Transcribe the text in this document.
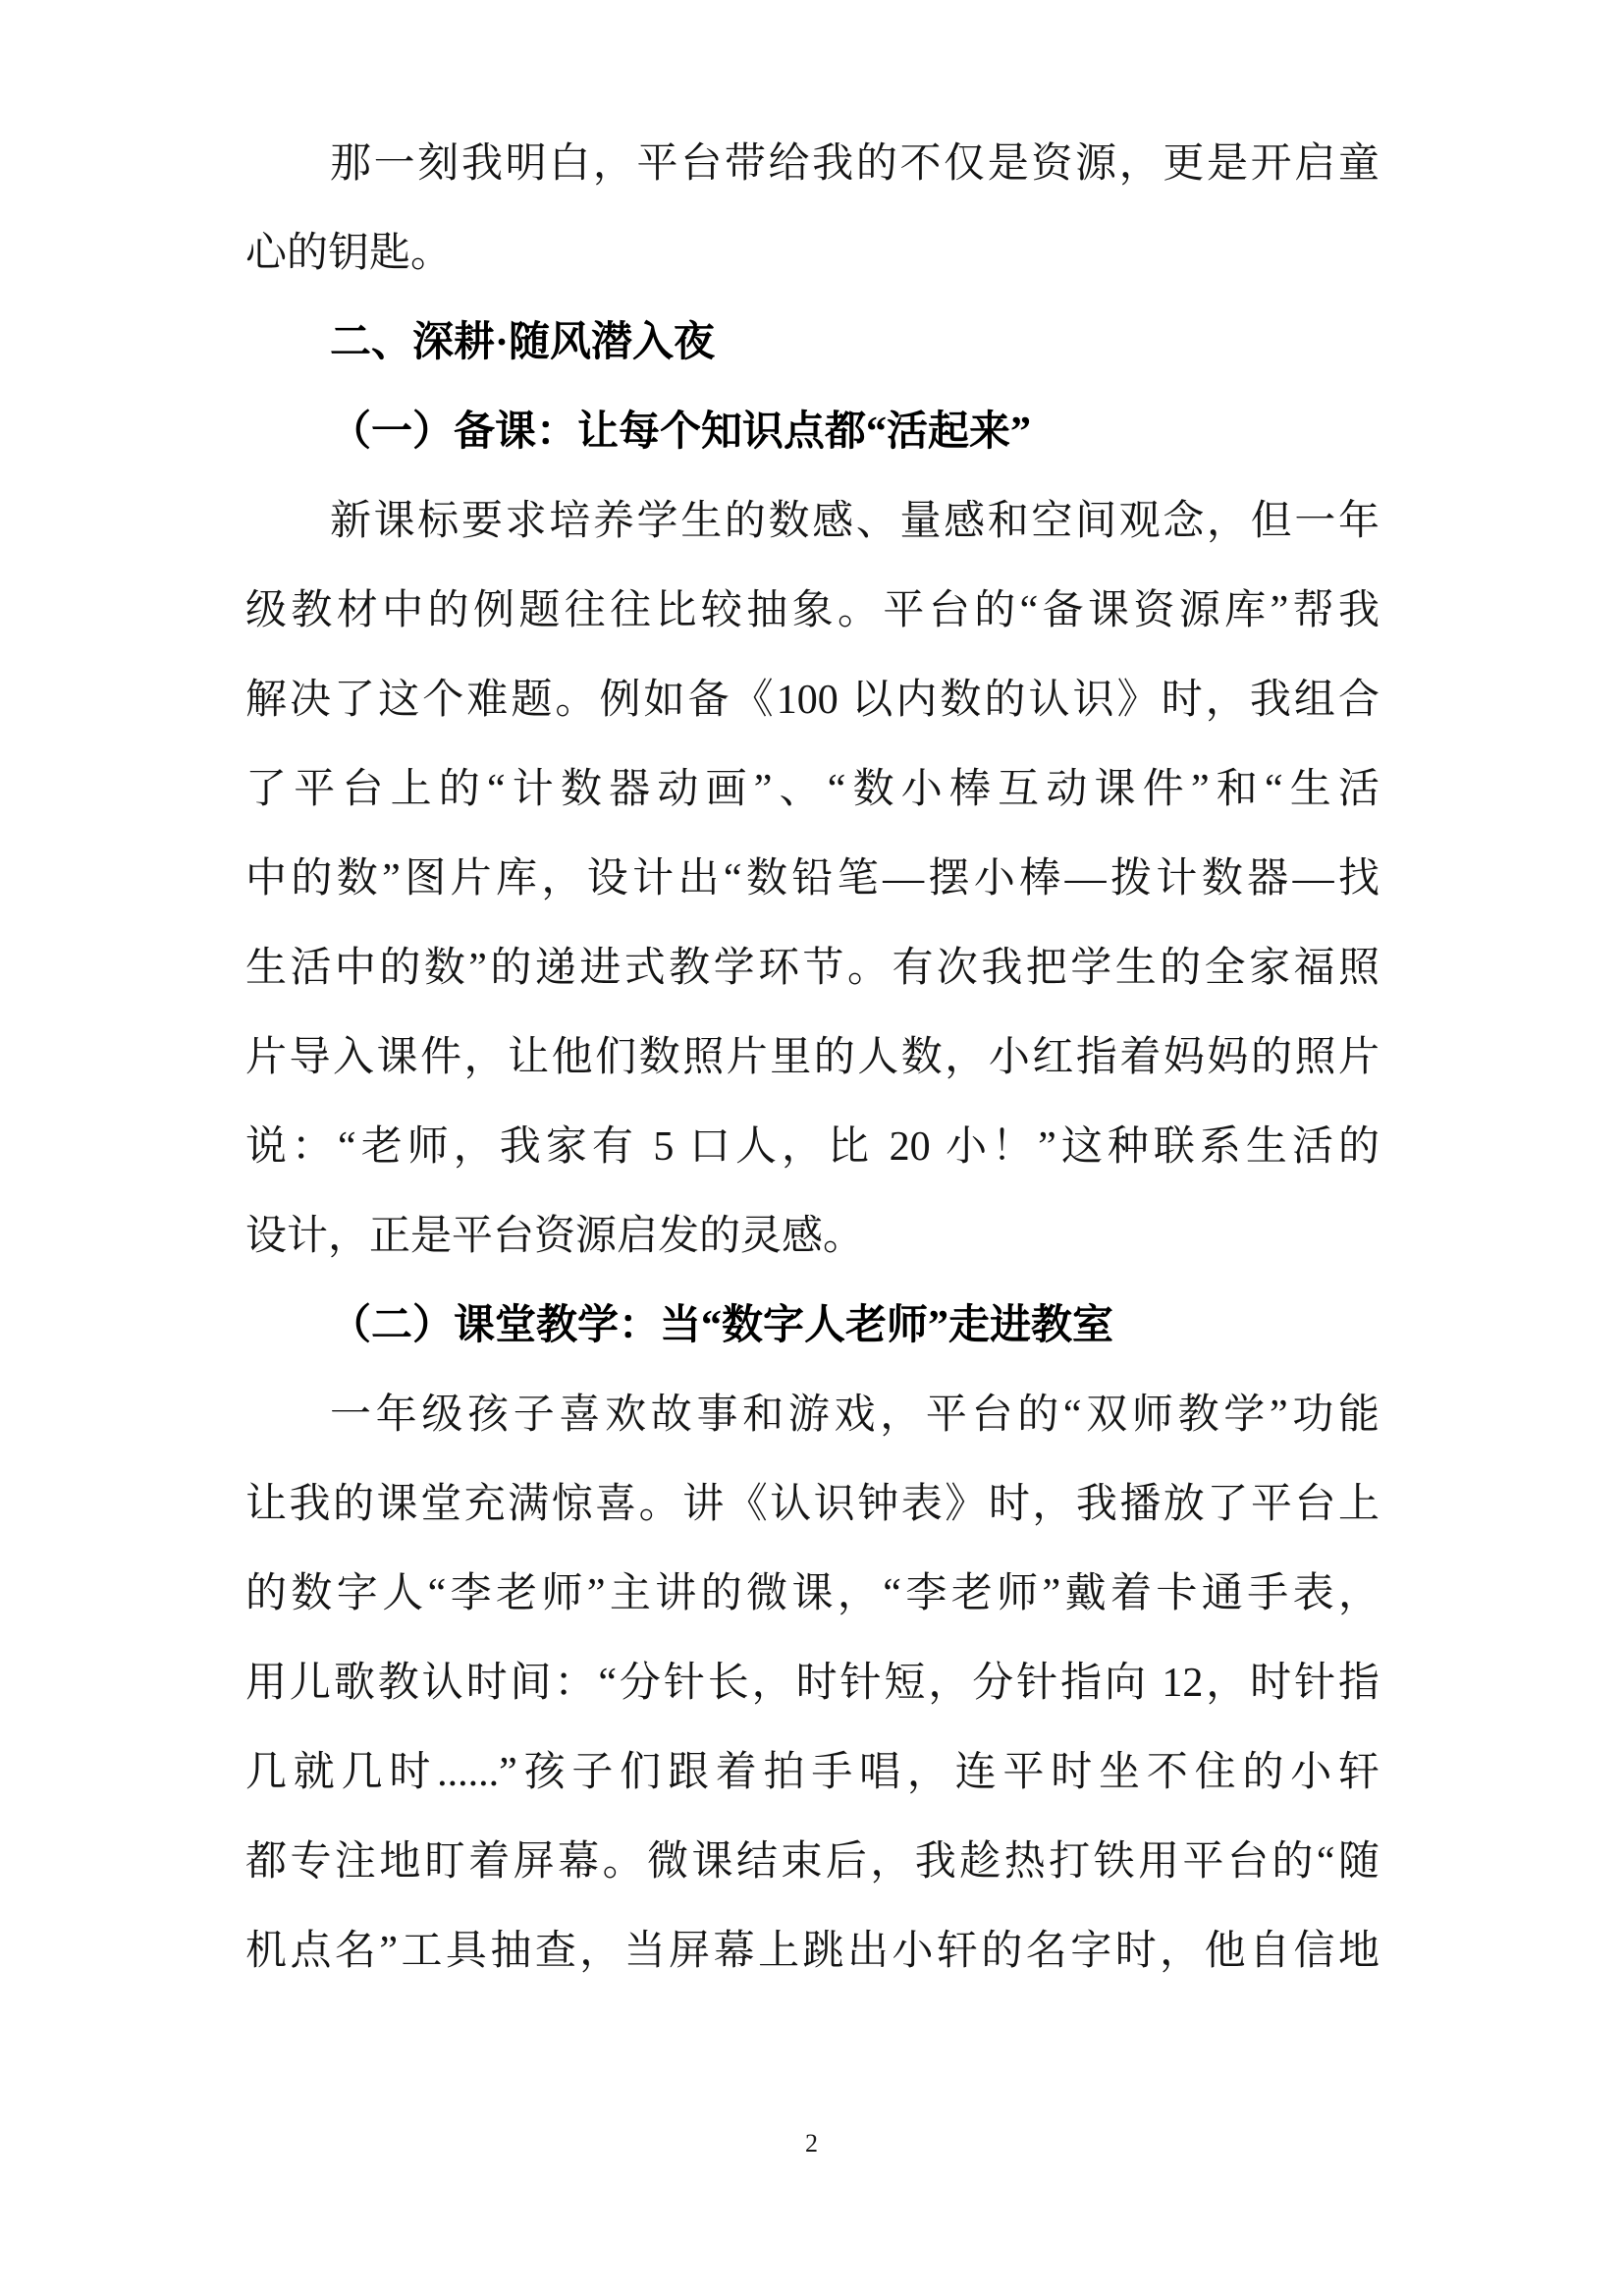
那一刻我明白，平台带给我的不仅是资源，更是开启童
心的钥匙。
二、深耕·随风潜入夜
（一）备课：让每个知识点都“活起来”
新课标要求培养学生的数感、量感和空间观念，但一年
级教材中的例题往往比较抽象。平台的“备课资源库”帮我
解决了这个难题。例如备《100 以内数的认识》时，我组合
了平台上的“计数器动画”、“数小棒互动课件”和“生活
中的数”图片库，设计出“数铅笔—摆小棒—拨计数器—找
生活中的数”的递进式教学环节。有次我把学生的全家福照
片导入课件，让他们数照片里的人数，小红指着妈妈的照片
说：“老师，我家有 5 口人，比 20 小！”这种联系生活的
设计，正是平台资源启发的灵感。
（二）课堂教学：当“数字人老师”走进教室
一年级孩子喜欢故事和游戏，平台的“双师教学”功能
让我的课堂充满惊喜。讲《认识钟表》时，我播放了平台上
的数字人“李老师”主讲的微课，“李老师”戴着卡通手表，
用儿歌教认时间：“分针长，时针短，分针指向 12，时针指
几就几时......”孩子们跟着拍手唱，连平时坐不住的小轩
都专注地盯着屏幕。微课结束后，我趁热打铁用平台的“随
机点名”工具抽查，当屏幕上跳出小轩的名字时，他自信地
2
